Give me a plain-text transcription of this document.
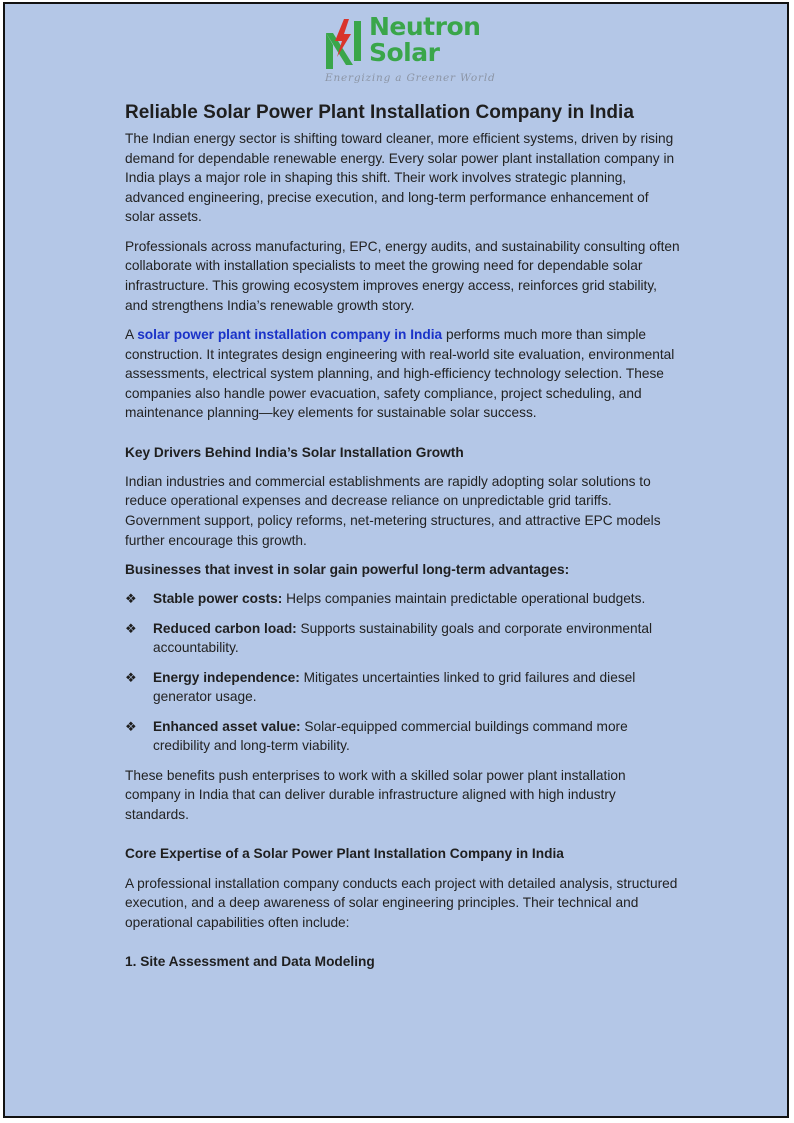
Neutron
Solar
Energizing a Greener World
Reliable Solar Power Plant Installation Company in India

The Indian energy sector is shifting toward cleaner, more efficient systems, driven by rising demand for dependable renewable energy. Every solar power plant installation company in India plays a major role in shaping this shift. Their work involves strategic planning, advanced engineering, precise execution, and long-term performance enhancement of solar assets.

Professionals across manufacturing, EPC, energy audits, and sustainability consulting often collaborate with installation specialists to meet the growing need for dependable solar infrastructure. This growing ecosystem improves energy access, reinforces grid stability, and strengthens India’s renewable growth story.

A solar power plant installation company in India performs much more than simple construction. It integrates design engineering with real-world site evaluation, environmental assessments, electrical system planning, and high-efficiency technology selection. These companies also handle power evacuation, safety compliance, project scheduling, and maintenance planning—key elements for sustainable solar success.

Key Drivers Behind India’s Solar Installation Growth

Indian industries and commercial establishments are rapidly adopting solar solutions to reduce operational expenses and decrease reliance on unpredictable grid tariffs. Government support, policy reforms, net-metering structures, and attractive EPC models further encourage this growth.

Businesses that invest in solar gain powerful long-term advantages:
❖ Stable power costs: Helps companies maintain predictable operational budgets.
❖ Reduced carbon load: Supports sustainability goals and corporate environmental accountability.
❖ Energy independence: Mitigates uncertainties linked to grid failures and diesel generator usage.
❖ Enhanced asset value: Solar-equipped commercial buildings command more credibility and long-term viability.

These benefits push enterprises to work with a skilled solar power plant installation company in India that can deliver durable infrastructure aligned with high industry standards.

Core Expertise of a Solar Power Plant Installation Company in India

A professional installation company conducts each project with detailed analysis, structured execution, and a deep awareness of solar engineering principles. Their technical and operational capabilities often include:

1. Site Assessment and Data Modeling
